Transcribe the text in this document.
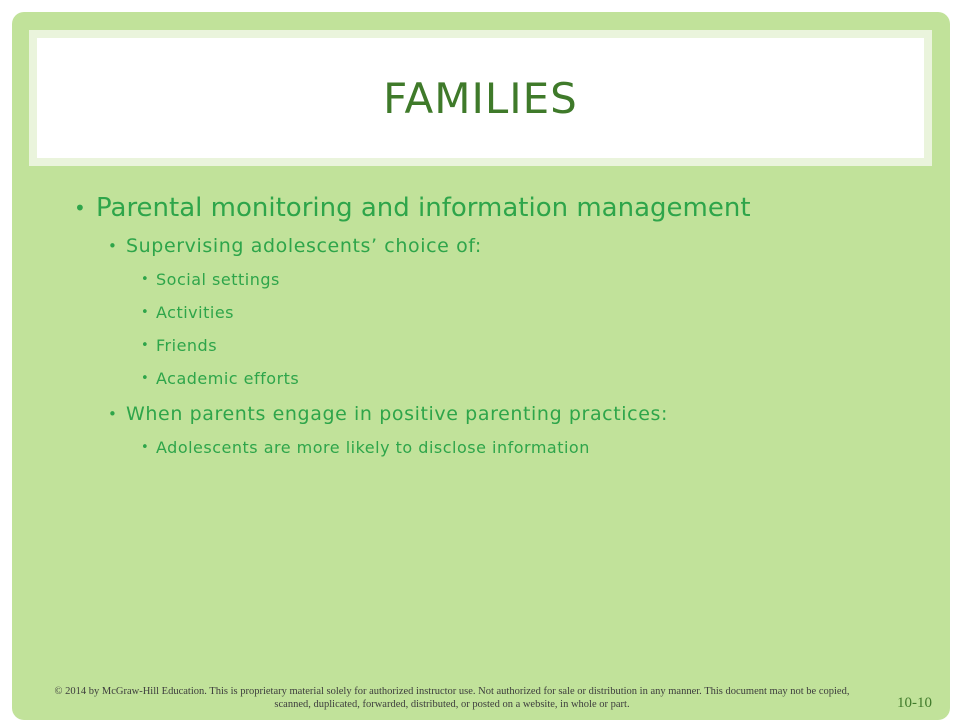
FAMILIES

• Parental monitoring and information management

• Supervising adolescents’ choice of:

• Social settings

• Activities

• Friends

• Academic efforts

• When parents engage in positive parenting practices:

• Adolescents are more likely to disclose information

© 2014 by McGraw-Hill Education. This is proprietary material solely for authorized instructor use. Not authorized for sale or distribution in any manner. This document may not be copied, scanned, duplicated, forwarded, distributed, or posted on a website, in whole or part.	10-10
